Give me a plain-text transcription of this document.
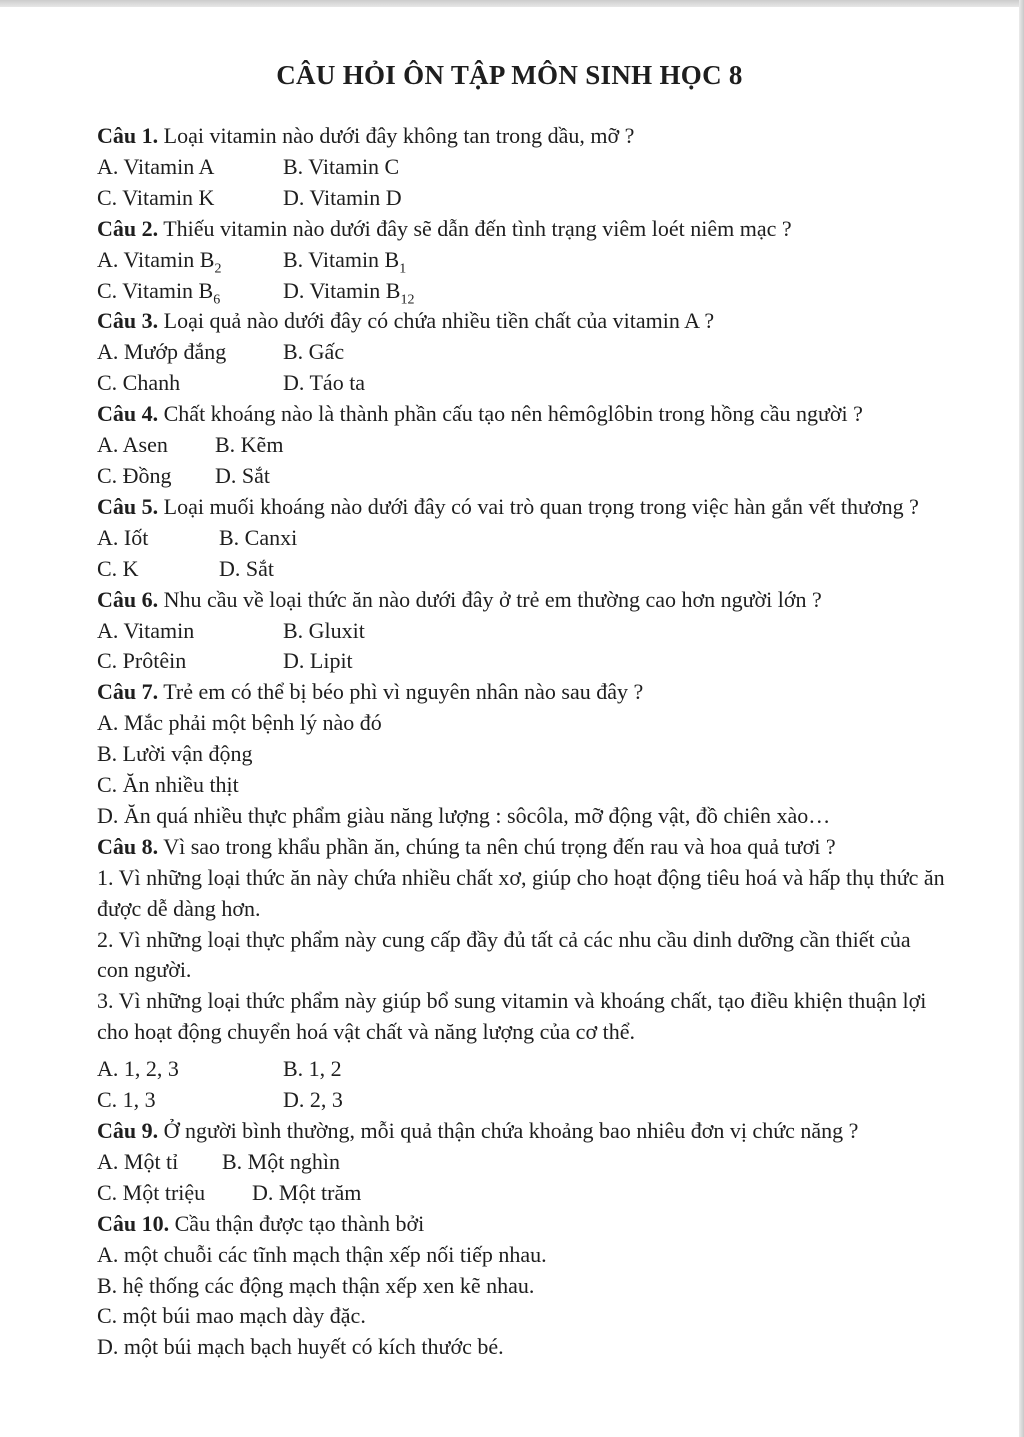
CÂU HỎI ÔN TẬP MÔN SINH HỌC 8

Câu 1. Loại vitamin nào dưới đây không tan trong dầu, mỡ ?

A. Vitamin A	B. Vitamin C

C. Vitamin K	D. Vitamin D

Câu 2. Thiếu vitamin nào dưới đây sẽ dẫn đến tình trạng viêm loét niêm mạc ?

A. Vitamin $B_2$	B. Vitamin $B_1$

C. Vitamin $B_6$	D. Vitamin $B_{12}$

Câu 3. Loại quả nào dưới đây có chứa nhiều tiền chất của vitamin A ?

A. Mướp đắng	B. Gấc

C. Chanh	D. Táo ta

Câu 4. Chất khoáng nào là thành phần cấu tạo nên hêmôglôbin trong hồng cầu người ?

A. Asen B. Kẽm

C. Đồng D. Sắt

Câu 5. Loại muối khoáng nào dưới đây có vai trò quan trọng trong việc hàn gắn vết thương ?

A. Iốt	B. Canxi

C. K	D. Sắt

Câu 6. Nhu cầu về loại thức ăn nào dưới đây ở trẻ em thường cao hơn người lớn ?

A. Vitamin	B. Gluxit

C. Prôtêin	D. Lipit

Câu 7. Trẻ em có thể bị béo phì vì nguyên nhân nào sau đây ?

A. Mắc phải một bệnh lý nào đó

B. Lười vận động

C. Ăn nhiều thịt

D. Ăn quá nhiều thực phẩm giàu năng lượng : sôcôla, mỡ động vật, đồ chiên xào…

Câu 8. Vì sao trong khẩu phần ăn, chúng ta nên chú trọng đến rau và hoa quả tươi ?

1. Vì những loại thức ăn này chứa nhiều chất xơ, giúp cho hoạt động tiêu hoá và hấp thụ thức ăn được dễ dàng hơn.

2. Vì những loại thực phẩm này cung cấp đầy đủ tất cả các nhu cầu dinh dưỡng cần thiết của con người.

3. Vì những loại thức phẩm này giúp bổ sung vitamin và khoáng chất, tạo điều khiện thuận lợi cho hoạt động chuyển hoá vật chất và năng lượng của cơ thể.

A. 1, 2, 3	B. 1, 2

C. 1, 3	D. 2, 3

Câu 9. Ở người bình thường, mỗi quả thận chứa khoảng bao nhiêu đơn vị chức năng ?

A. Một tỉ B. Một nghìn

C. Một triệu D. Một trăm

Câu 10. Cầu thận được tạo thành bởi

A. một chuỗi các tĩnh mạch thận xếp nối tiếp nhau.

B. hệ thống các động mạch thận xếp xen kẽ nhau.

C. một búi mao mạch dày đặc.

D. một búi mạch bạch huyết có kích thước bé.
